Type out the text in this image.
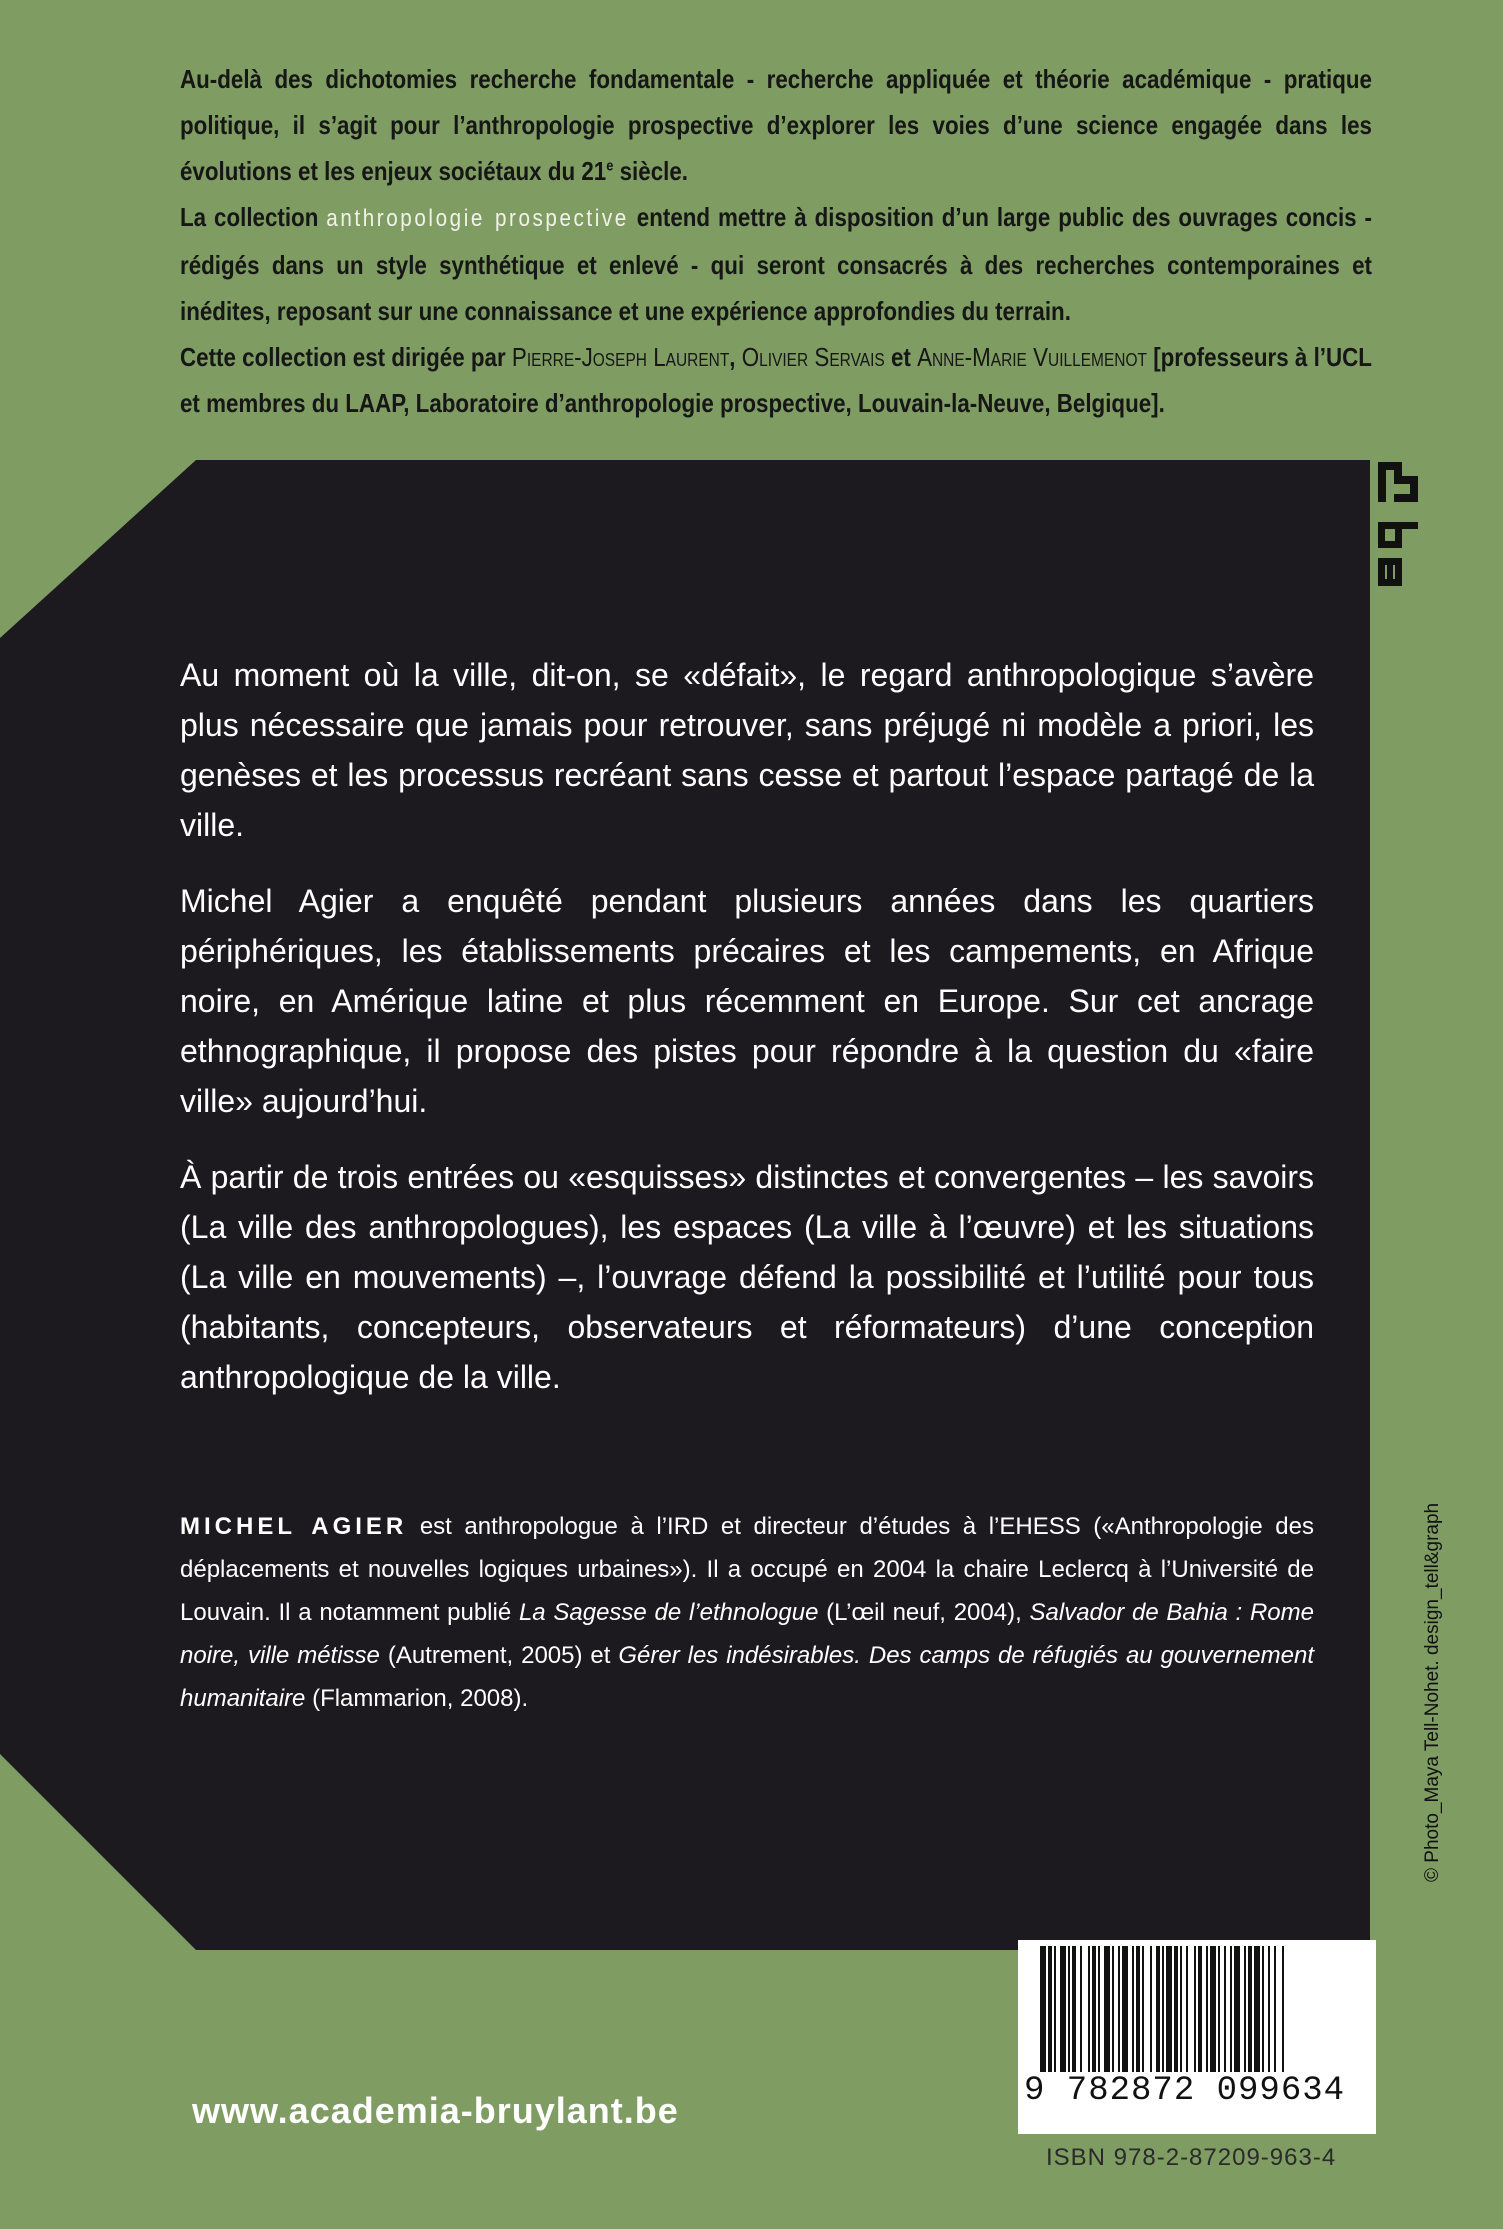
Au-delà des dichotomies recherche fondamentale - recherche appliquée et théorie académique - pratique politique, il s’agit pour l’anthropologie prospective d’explorer les voies d’une science engagée dans les évolutions et les enjeux sociétaux du 21e siècle.

La collection anthropologie prospective entend mettre à disposition d’un large public des ouvrages concis - rédigés dans un style synthétique et enlevé - qui seront consacrés à des recherches contemporaines et inédites, reposant sur une connaissance et une expérience approfondies du terrain.

Cette collection est dirigée par Pierre-Joseph Laurent, Olivier Servais et Anne-Marie Vuillemenot [professeurs à l’UCL et membres du LAAP, Laboratoire d’anthropologie prospective, Louvain-la-Neuve, Belgique].

Au moment où la ville, dit-on, se «défait», le regard anthropologique s’avère plus nécessaire que jamais pour retrouver, sans préjugé ni modèle a priori, les genèses et les processus recréant sans cesse et partout l’espace partagé de la ville.

Michel Agier a enquêté pendant plusieurs années dans les quartiers périphériques, les établissements précaires et les campements, en Afrique noire, en Amérique latine et plus récemment en Europe. Sur cet ancrage ethnographique, il propose des pistes pour répondre à la question du «faire ville» aujourd’hui.

À partir de trois entrées ou «esquisses» distinctes et convergentes – les savoirs (La ville des anthropologues), les espaces (La ville à l’œuvre) et les situations (La ville en mouvements) –, l’ouvrage défend la possibilité et l’utilité pour tous (habitants, concepteurs, observateurs et réformateurs) d’une conception anthropologique de la ville.

MICHEL AGIER est anthropologue à l’IRD et directeur d’études à l’EHESS («Anthropologie des déplacements et nouvelles logiques urbaines»). Il a occupé en 2004 la chaire Leclercq à l’Université de Louvain. Il a notamment publié La Sagesse de l’ethnologue (L’œil neuf, 2004), Salvador de Bahia : Rome noire, ville métisse (Autrement, 2005) et Gérer les indésirables. Des camps de réfugiés au gouvernement humanitaire (Flammarion, 2008).	© Photo_Maya Tell-Nohet. design_tell&graph
9 782872 099634
ISBN 978-2-87209-963-4
www.academia-bruylant.be
